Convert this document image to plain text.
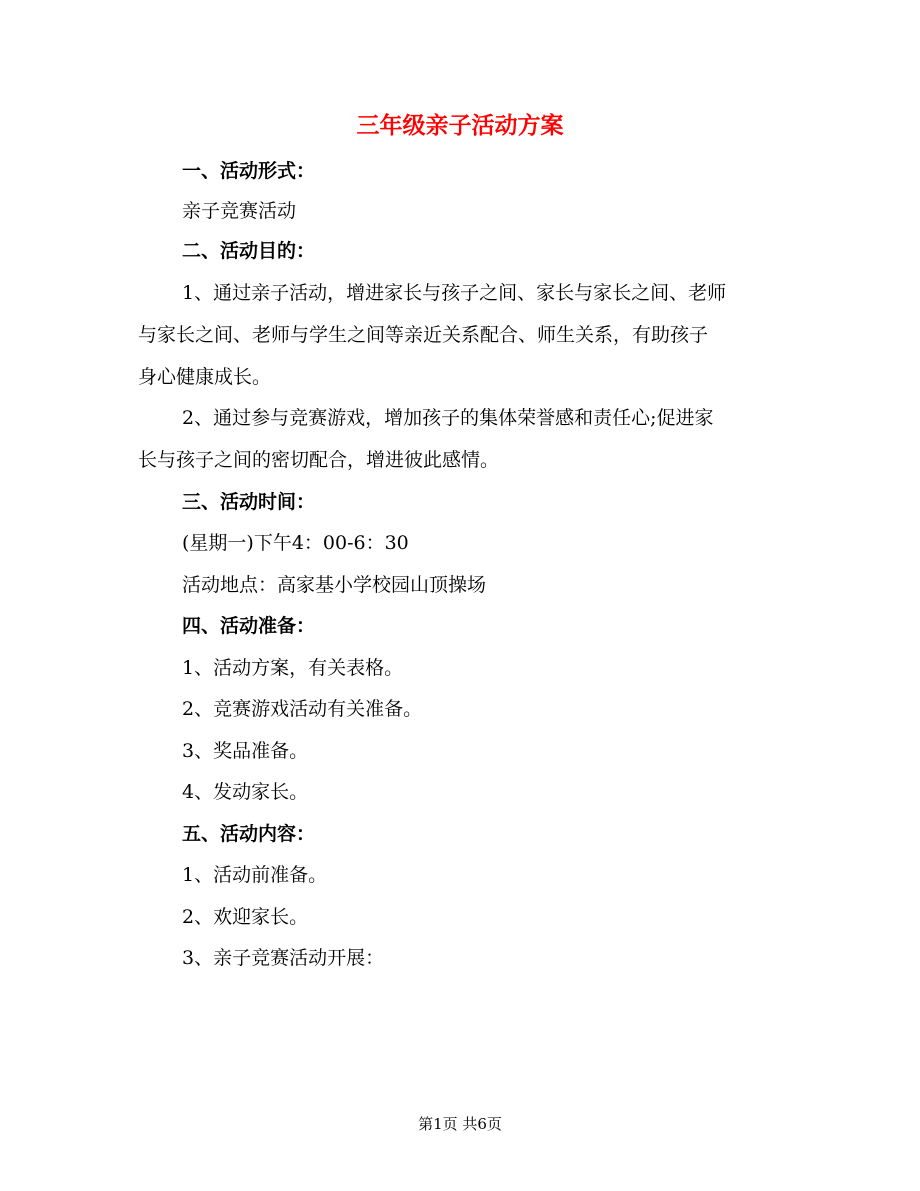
三年级亲子活动方案

一、活动形式：

亲子竞赛活动

二、活动目的：

1、通过亲子活动，增进家长与孩子之间、家长与家长之间、老师

与家长之间、老师与学生之间等亲近关系配合、师生关系，有助孩子

身心健康成长。

2、通过参与竞赛游戏，增加孩子的集体荣誉感和责任心;促进家

长与孩子之间的密切配合，增进彼此感情。

三、活动时间：

(星期一)下午4：00-6：30

活动地点：高家基小学校园山顶操场

四、活动准备：

1、活动方案，有关表格。

2、竞赛游戏活动有关准备。

3、奖品准备。

4、发动家长。

五、活动内容：

1、活动前准备。

2、欢迎家长。

3、亲子竞赛活动开展：

第1页 共6页
